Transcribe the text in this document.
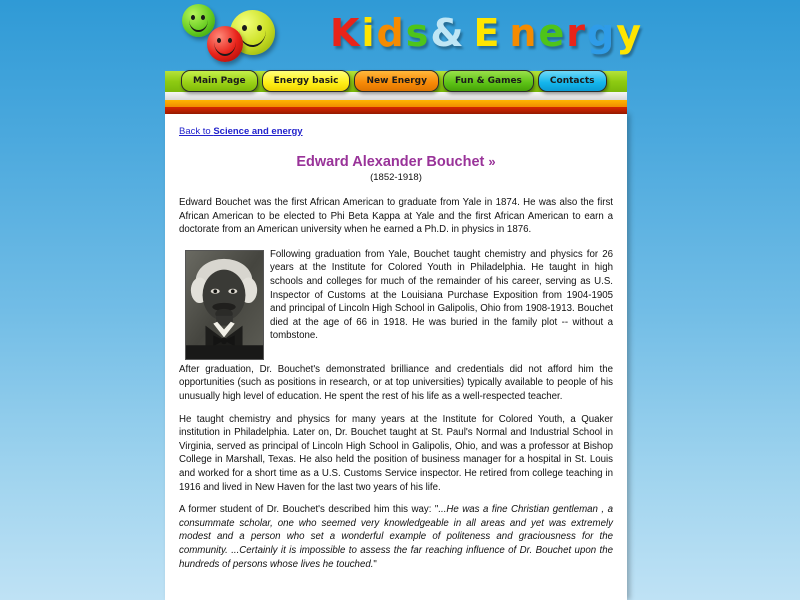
Kids&Energy
Main Page	Energy basic	New Energy	Fun & Games	Contacts
Back to Science and energy
Edward Alexander Bouchet »
(1852-1918)

Edward Bouchet was the first African American to graduate from Yale in 1874. He was also the first African American to be elected to Phi Beta Kappa at Yale and the first African American to earn a doctorate from an American university when he earned a Ph.D. in physics in 1876.

Following graduation from Yale, Bouchet taught chemistry and physics for 26 years at the Institute for Colored Youth in Philadelphia. He taught in high schools and colleges for much of the remainder of his career, serving as U.S. Inspector of Customs at the Louisiana Purchase Exposition from 1904-1905 and principal of Lincoln High School in Galipolis, Ohio from 1908-1913. Bouchet died at the age of 66 in 1918. He was buried in the family plot -- without a tombstone.

After graduation, Dr. Bouchet's demonstrated brilliance and credentials did not afford him the opportunities (such as positions in research, or at top universities) typically available to people of his unusually high level of education. He spent the rest of his life as a well-respected teacher.

He taught chemistry and physics for many years at the Institute for Colored Youth, a Quaker institution in Philadelphia. Later on, Dr. Bouchet taught at St. Paul's Normal and Industrial School in Virginia, served as principal of Lincoln High School in Galipolis, Ohio, and was a professor at Bishop College in Marshall, Texas. He also held the position of business manager for a hospital in St. Louis and worked for a short time as a U.S. Customs Service inspector. He retired from college teaching in 1916 and lived in New Haven for the last two years of his life.

A former student of Dr. Bouchet's described him this way: "...He was a fine Christian gentleman , a consummate scholar, one who seemed very knowledgeable in all areas and yet was extremely modest and a person who set a wonderful example of politeness and graciousness for the community. ...Certainly it is impossible to assess the far reaching influence of Dr. Bouchet upon the hundreds of persons whose lives he touched."
